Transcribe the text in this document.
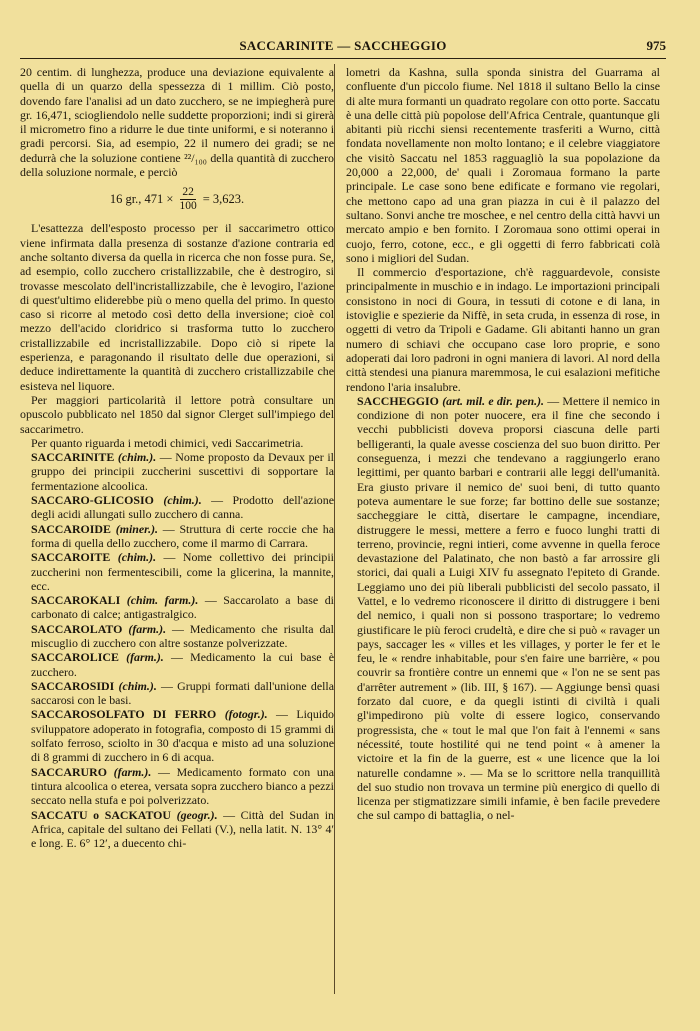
SACCARINITE — SACCHEGGIO	975

20 centim. di lunghezza, produce una deviazione equivalente a quella di un quarzo della spessezza di 1 millim. Ciò posto, dovendo fare l'analisi ad un dato zucchero, se ne impiegherà pure gr. 16,471, sciogliendolo nelle suddette proporzioni; indi si girerà il micrometro fino a ridurre le due tinte uniformi, e si noteranno i gradi percorsi. Sia, ad esempio, 22 il numero dei gradi; se ne dedurrà che la soluzione contiene ²²/₁₀₀ della quantità di zucchero della soluzione normale, e perciò

16 gr., $471 \times \frac{22}{100} = 3,623$.

L'esattezza dell'esposto processo per il saccarimetro ottico viene infirmata dalla presenza di sostanze d'azione contraria ed anche soltanto diversa da quella in ricerca che non fosse pura. Se, ad esempio, collo zucchero cristallizzabile, che è destrogiro, si trovasse mescolato dell'incristallizzabile, che è levogiro, l'azione di quest'ultimo eliderebbe più o meno quella del primo. In questo caso si ricorre al metodo così detto della inversione; cioè col mezzo dell'acido cloridrico si trasforma tutto lo zucchero cristallizzabile ed incristallizzabile. Dopo ciò si ripete la esperienza, e paragonando il risultato delle due operazioni, si deduce indirettamente la quantità di zucchero cristallizzabile che esisteva nel liquore.

Per maggiori particolarità il lettore potrà consultare un opuscolo pubblicato nel 1850 dal signor Clerget sull'impiego del saccarimetro.

Per quanto riguarda i metodi chimici, vedi Saccarimetria.

SACCARINITE (chim.). — Nome proposto da Devaux per il gruppo dei principii zuccherini suscettivi di sopportare la fermentazione alcoolica.

SACCARO-GLICOSIO (chim.). — Prodotto dell'azione degli acidi allungati sullo zucchero di canna.

SACCAROIDE (miner.). — Struttura di certe roccie che ha forma di quella dello zucchero, come il marmo di Carrara.

SACCAROITE (chim.). — Nome collettivo dei principii zuccherini non fermentescibili, come la glicerina, la mannite, ecc.

SACCAROKALI (chim. farm.). — Saccarolato a base di carbonato di calce; antigastralgico.

SACCAROLATO (farm.). — Medicamento che risulta dal miscuglio di zucchero con altre sostanze polverizzate.

SACCAROLICE (farm.). — Medicamento la cui base è zucchero.

SACCAROSIDI (chim.). — Gruppi formati dall'unione della saccarosi con le basi.

SACCAROSOLFATO DI FERRO (fotogr.). — Liquido sviluppatore adoperato in fotografia, composto di 15 grammi di solfato ferroso, sciolto in 30 d'acqua e misto ad una soluzione di 8 grammi di zucchero in 6 di acqua.

SACCARURO (farm.). — Medicamento formato con una tintura alcoolica o eterea, versata sopra zucchero bianco a pezzi seccato nella stufa e poi polverizzato.

SACCATU o SACKATOU (geogr.). — Città del Sudan in Africa, capitale del sultano dei Fellati (V.), nella latit. N. 13° 4′ e long. E. 6° 12′, a duecento chi-

lometri da Kashna, sulla sponda sinistra del Guarrama al confluente d'un piccolo fiume. Nel 1818 il sultano Bello la cinse di alte mura formanti un quadrato regolare con otto porte. Saccatu è una delle città più popolose dell'Africa Centrale, quantunque gli abitanti più ricchi siensi recentemente trasferiti a Wurno, città fondata novellamente non molto lontano; e il celebre viaggiatore che visitò Saccatu nel 1853 ragguagliò la sua popolazione da 20,000 a 22,000, de' quali i Zoromaua formano la parte principale. Le case sono bene edificate e formano vie regolari, che mettono capo ad una gran piazza in cui è il palazzo del sultano. Sonvi anche tre moschee, e nel centro della città havvi un mercato ampio e ben fornito. I Zoromaua sono ottimi operai in cuojo, ferro, cotone, ecc., e gli oggetti di ferro fabbricati colà sono i migliori del Sudan.

Il commercio d'esportazione, ch'è ragguardevole, consiste principalmente in muschio e in indago. Le importazioni principali consistono in noci di Goura, in tessuti di cotone e di lana, in istoviglie e spezierie da Niffè, in seta cruda, in essenza di rose, in oggetti di vetro da Tripoli e Gadame. Gli abitanti hanno un gran numero di schiavi che occupano case loro proprie, e sono adoperati dai loro padroni in ogni maniera di lavori. Al nord della città stendesi una pianura maremmosa, le cui esalazioni mefitiche rendono l'aria insalubre.

SACCHEGGIO (art. mil. e dir. pen.). — Mettere il nemico in condizione di non poter nuocere, era il fine che secondo i vecchi pubblicisti doveva proporsi ciascuna delle parti belligeranti, la quale avesse coscienza del suo buon diritto. Per conseguenza, i mezzi che tendevano a raggiungerlo erano legittimi, per quanto barbari e contrarii alle leggi dell'umanità. Era giusto privare il nemico de' suoi beni, di tutto quanto poteva aumentare le sue forze; far bottino delle sue sostanze; saccheggiare le città, disertare le campagne, incendiare, distruggere le messi, mettere a ferro e fuoco lunghi tratti di terreno, provincie, regni intieri, come avvenne in quella feroce devastazione del Palatinato, che non bastò a far arrossire gli storici, dai quali a Luigi XIV fu assegnato l'epiteto di Grande. Leggiamo uno dei più liberali pubblicisti del secolo passato, il Vattel, e lo vedremo riconoscere il diritto di distruggere i beni del nemico, i quali non si possono trasportare; lo vedremo giustificare le più feroci crudeltà, e dire che si può « ravager un pays, saccager les « villes et les villages, y porter le fer et le feu, le « rendre inhabitable, pour s'en faire une barrière, « pou couvrir sa frontière contre un ennemi que « l'on ne se sent pas d'arrêter autrement » (lib. III, § 167). — Aggiunge bensì quasi forzato dal cuore, e da quegli istinti di civiltà i quali gl'impedirono più volte di essere logico, conservando progressista, che « tout le mal que l'on fait à l'ennemi « sans nécessité, toute hostilité qui ne tend point « à amener la victoire et la fin de la guerre, est « une licence que la loi naturelle condamne ». — Ma se lo scrittore nella tranquillità del suo studio non trovava un termine più energico di quello di licenza per stigmatizzare simili infamie, è ben facile prevedere che sul campo di battaglia, o nel-
